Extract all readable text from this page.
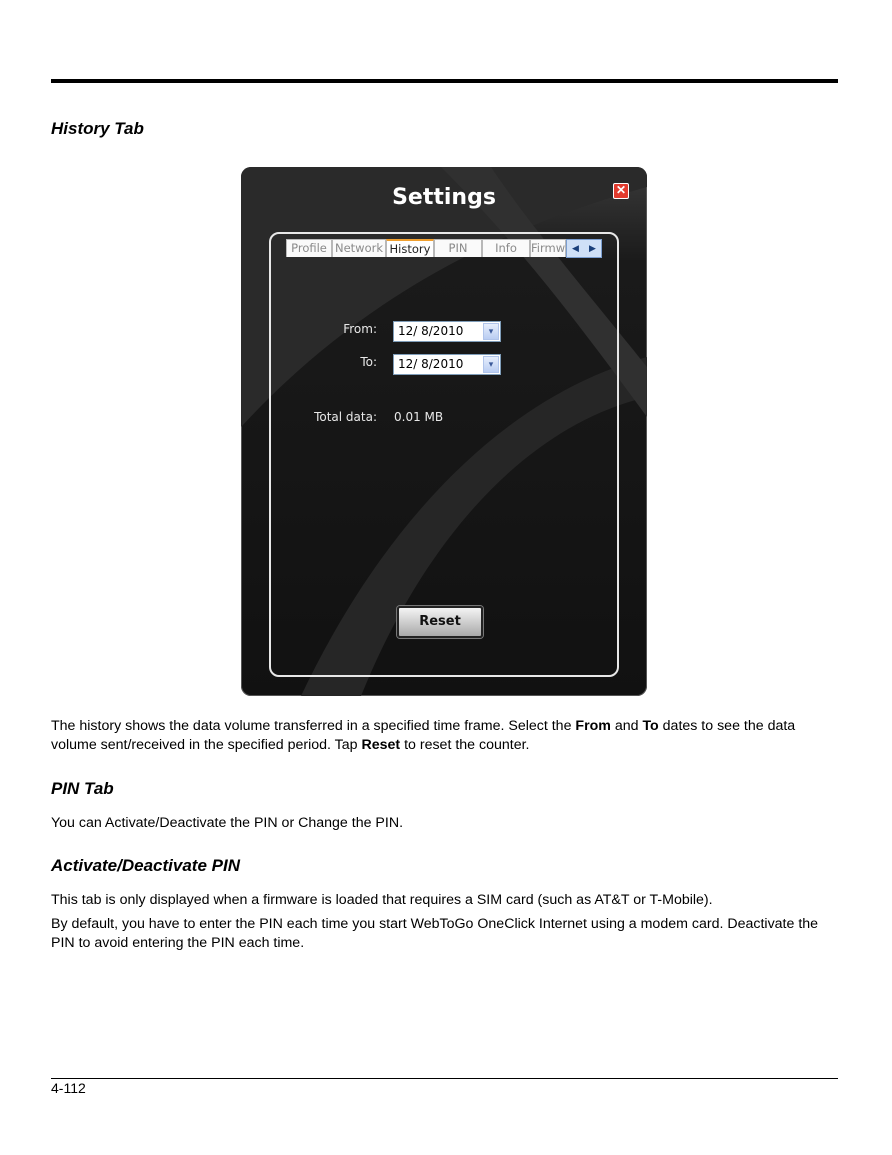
History Tab
Settings	✕
Profile Network History	PIN	Info	Firmw ◀ ▶
From:	12/ 8/2010	▾
To:	12/ 8/2010	▾
Total data: 0.01 MB
Reset

The history shows the data volume transferred in a specified time frame. Select the From and To dates to see the data volume sent/received in the specified period. Tap Reset to reset the counter.

PIN Tab

You can Activate/Deactivate the PIN or Change the PIN.

Activate/Deactivate PIN

This tab is only displayed when a firmware is loaded that requires a SIM card (such as AT&T or T-Mobile).

By default, you have to enter the PIN each time you start WebToGo OneClick Internet using a modem card. Deactivate the PIN to avoid entering the PIN each time.

4-112
